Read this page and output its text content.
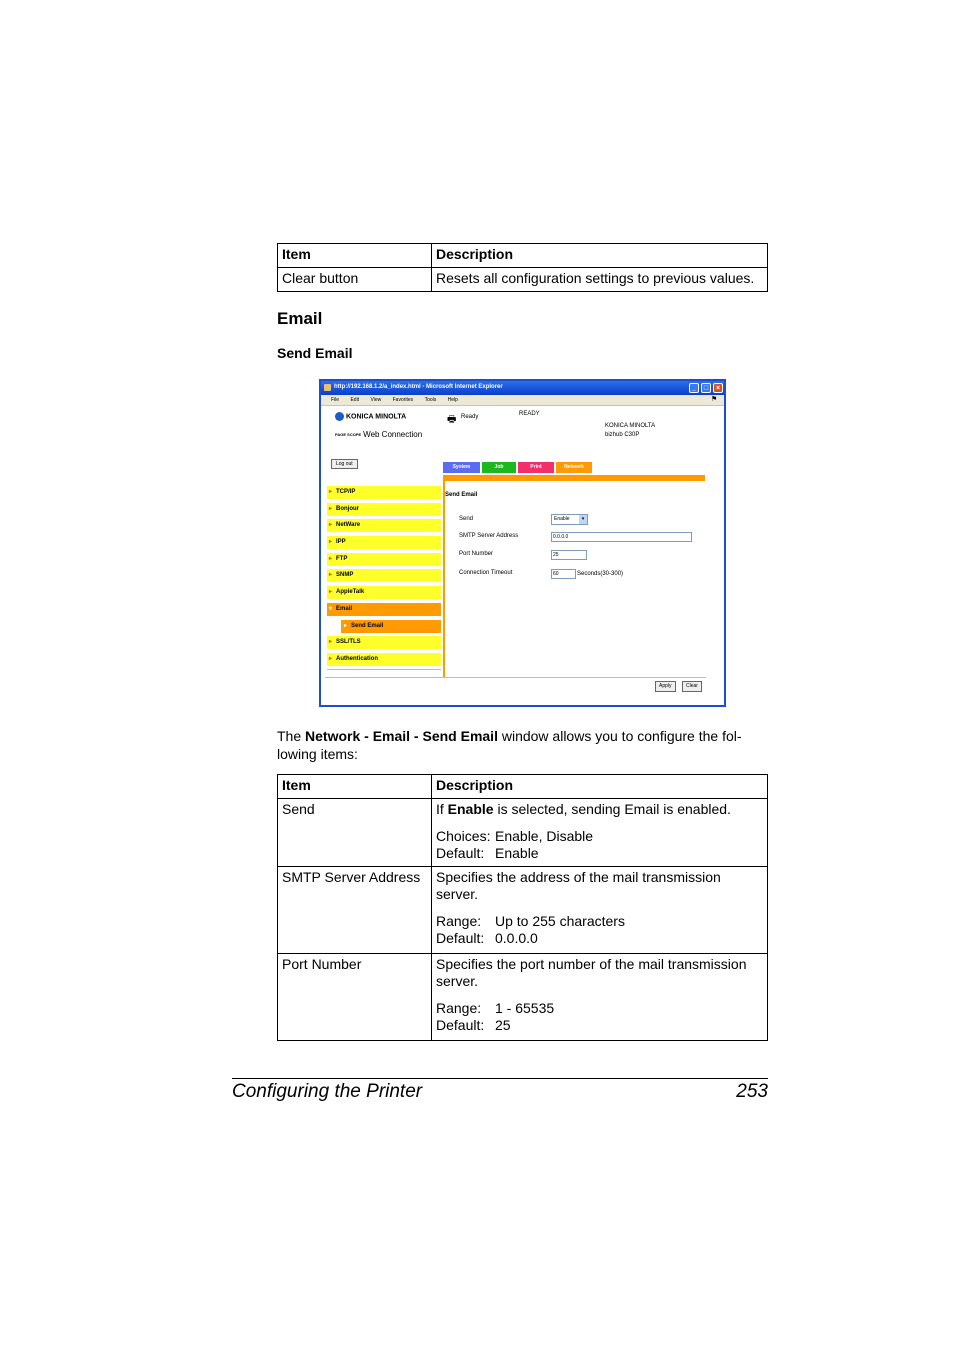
Item	Description
Clear button	Resets all configuration settings to previous values.
Email
Send Email
http://192.168.1.2/a_index.html - Microsoft Internet Explorer	_	□	×
File Edit View Favorites Tools Help	⚑
KONICA MINOLTA
PAGE SCOPE Web Connection
🖶 Ready	READY
KONICA MINOLTA
bizhub C30P
Log out	System	Job	Print	Network
▸ TCP/IP
▸ Bonjour
▸ NetWare
▸ IPP
▸ FTP
▸ SNMP
▸ AppleTalk
▾ Email
▸ Send Email
▸ SSL/TLS
▸ Authentication
Send Email
Send	Enable	▾
SMTP Server Address	0.0.0.0
Port Number	25
Connection Timeout	60	Seconds(30-300)
Apply	Clear
The Network - Email - Send Email window allows you to configure the fol-lowing items:
Item	Description
Send	If Enable is selected, sending Email is enabled.
Choices: Enable, Disable
Default: Enable

SMTP Server Address	Specifies the address of the mail transmission server.
Range: Up to 255 characters
Default: 0.0.0.0

Port Number	Specifies the port number of the mail transmission server.
Range: 1 - 65535
Default: 25
Configuring the Printer	253
